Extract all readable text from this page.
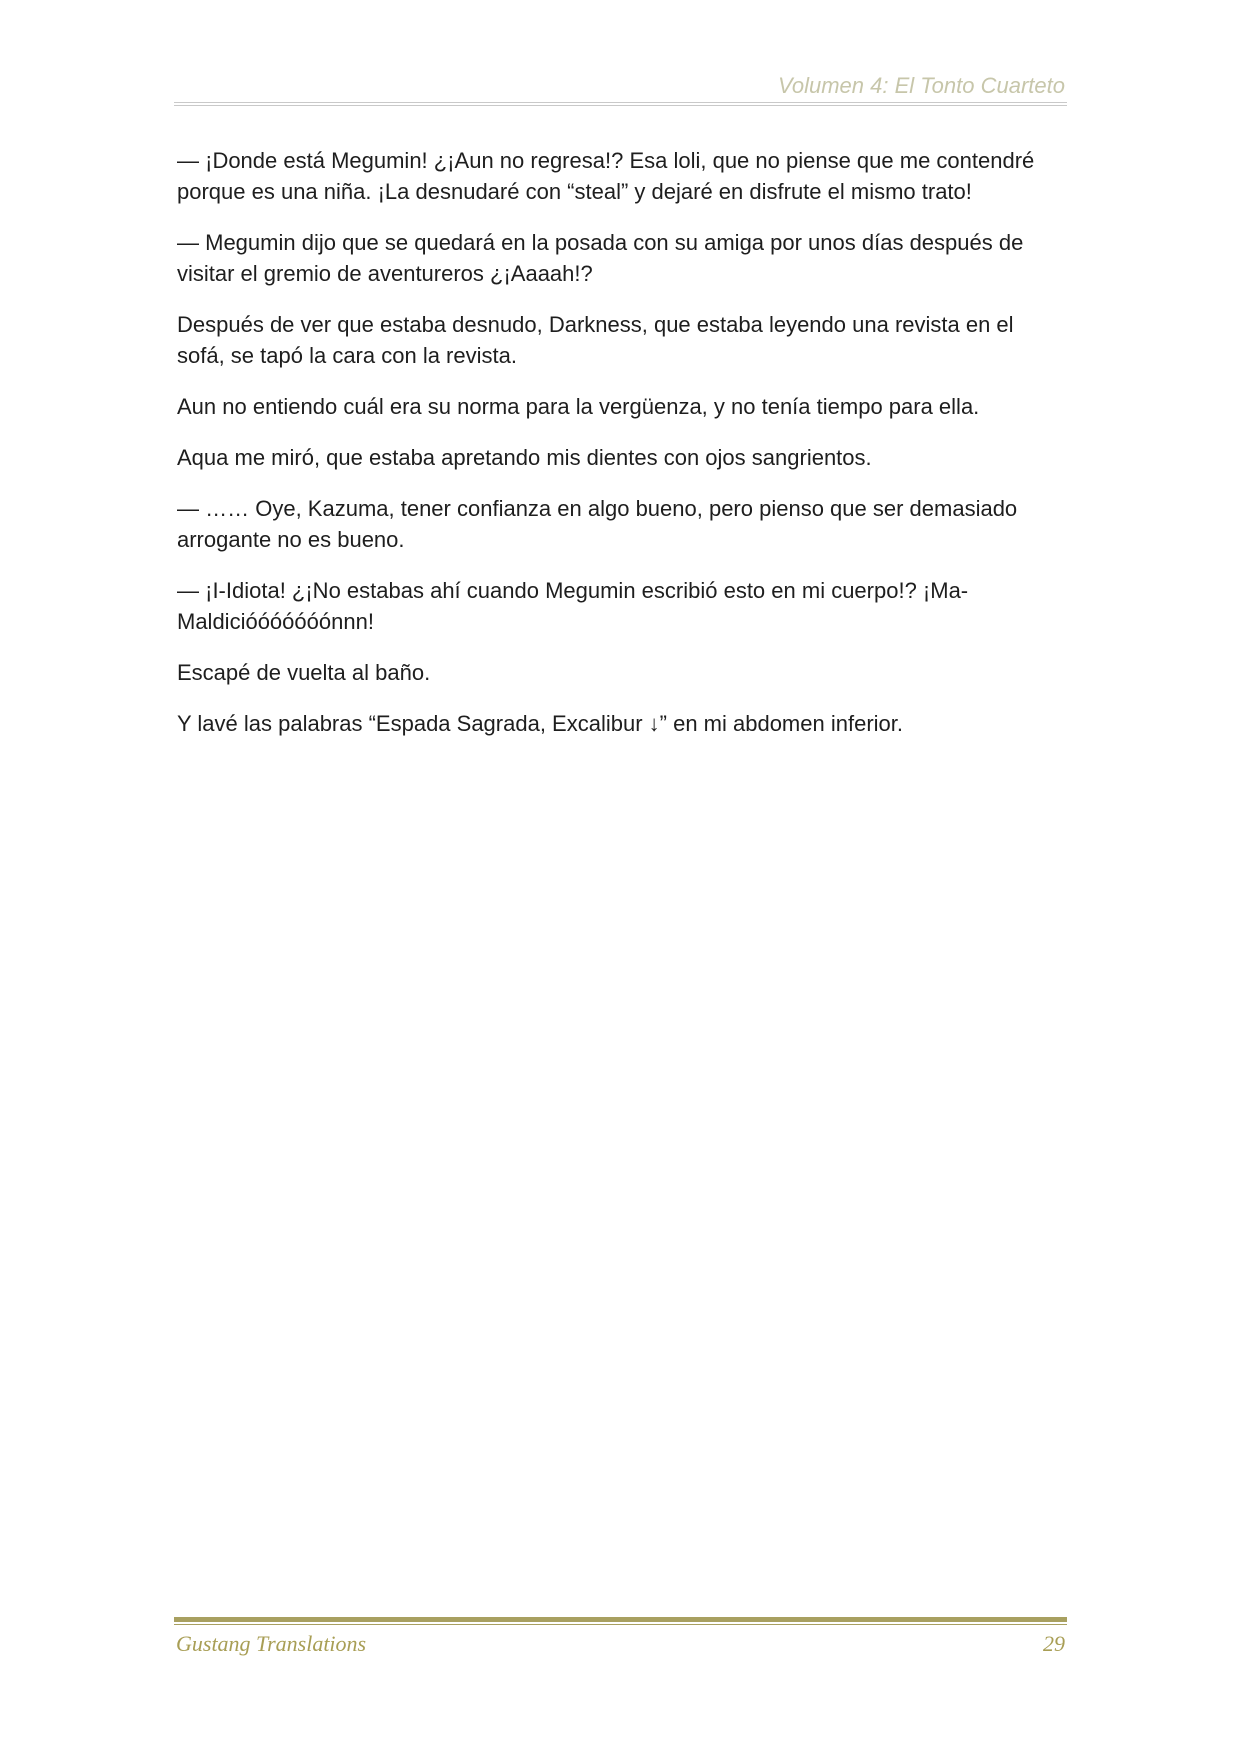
Volumen 4: El Tonto Cuarteto

— ¡Donde está Megumin! ¿¡Aun no regresa!? Esa loli, que no piense que me contendré porque es una niña. ¡La desnudaré con “steal” y dejaré en disfrute el mismo trato!

— Megumin dijo que se quedará en la posada con su amiga por unos días después de visitar el gremio de aventureros ¿¡Aaaah!?

Después de ver que estaba desnudo, Darkness, que estaba leyendo una revista en el sofá, se tapó la cara con la revista.

Aun no entiendo cuál era su norma para la vergüenza, y no tenía tiempo para ella.

Aqua me miró, que estaba apretando mis dientes con ojos sangrientos.

— …… Oye, Kazuma, tener confianza en algo bueno, pero pienso que ser demasiado arrogante no es bueno.

— ¡I-Idiota! ¿¡No estabas ahí cuando Megumin escribió esto en mi cuerpo!? ¡Ma-Maldicióóóóóóónnn!

Escapé de vuelta al baño.

Y lavé las palabras “Espada Sagrada, Excalibur ↓” en mi abdomen inferior.

Gustang Translations	29
